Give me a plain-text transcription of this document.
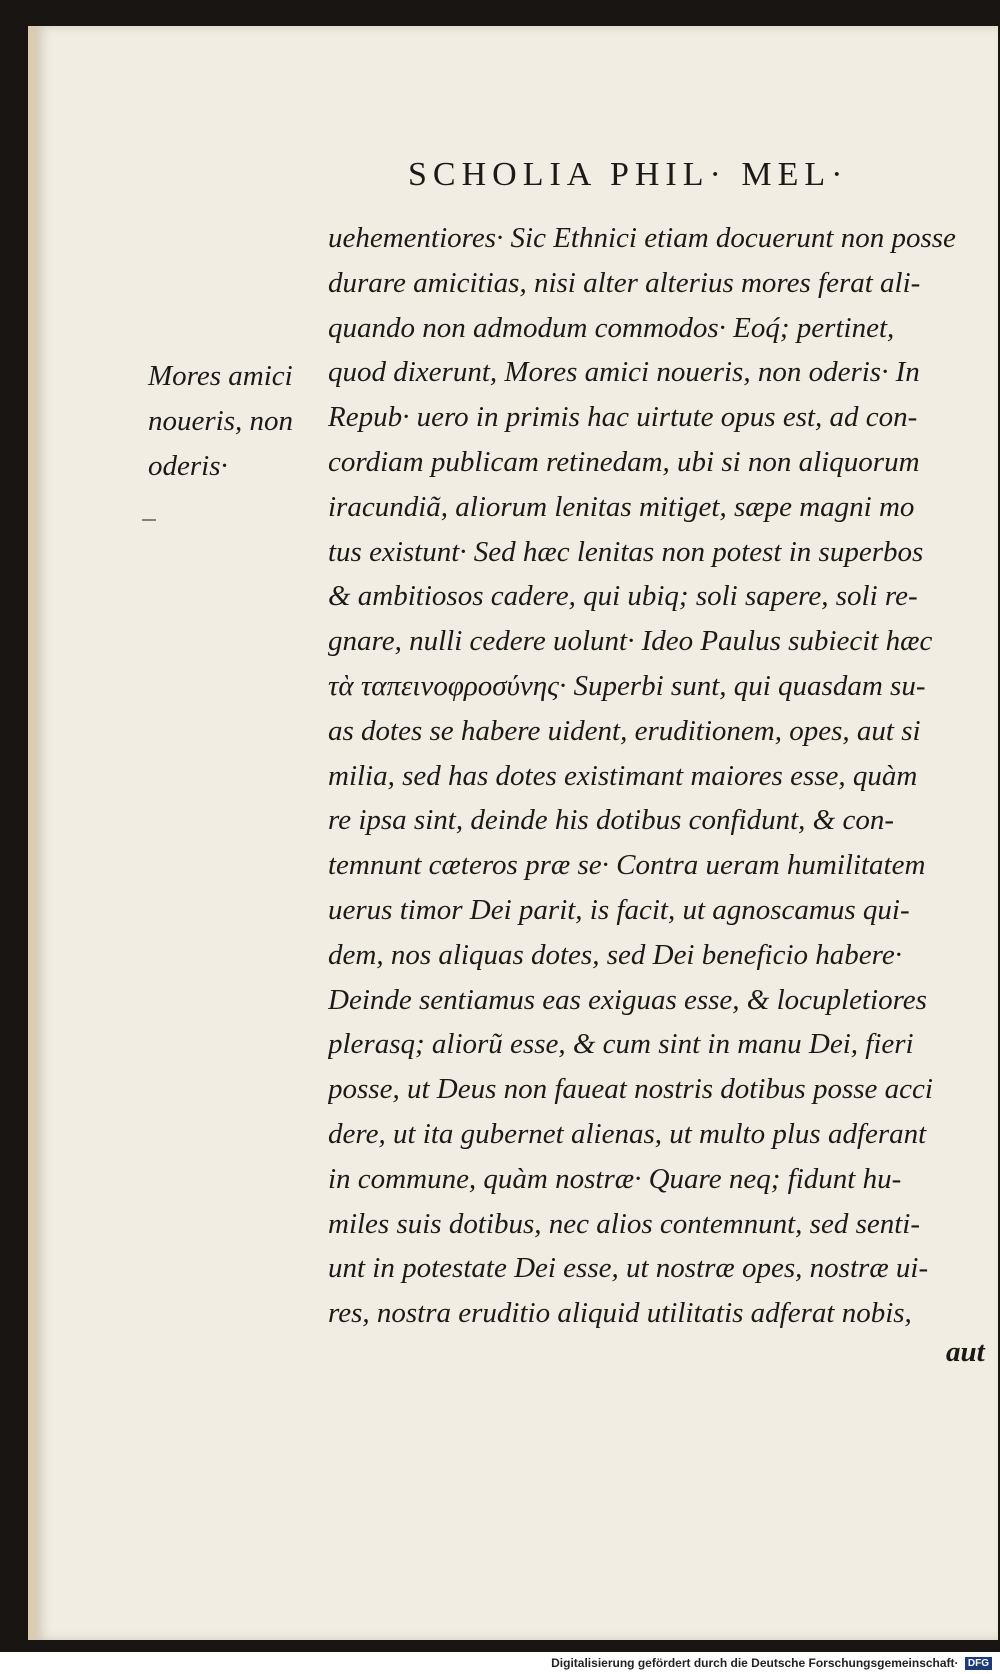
SCHOLIA PHIL· MEL·
uehementiores· Sic Ethnici etiam docuerunt non posse
durare amicitias, nisi alter alterius mores ferat ali-
quando non admodum commodos· Eoq́; pertinet,
quod dixerunt, Mores amici noueris, non oderis· In
Repub· uero in primis hac uirtute opus est, ad con-
cordiam publicam retinedam, ubi si non aliquorum
iracundiã, aliorum lenitas mitiget, sæpe magni mo
tus existunt· Sed hæc lenitas non potest in superbos
& ambitiosos cadere, qui ubiq; soli sapere, soli re-
gnare, nulli cedere uolunt· Ideo Paulus subiecit hæc
τὰ ταπεινοφροσύνης· Superbi sunt, qui quasdam su-
as dotes se habere uident, eruditionem, opes, aut si
milia, sed has dotes existimant maiores esse, quàm
re ipsa sint, deinde his dotibus confidunt, & con-
temnunt cæteros præ se· Contra ueram humilitatem
uerus timor Dei parit, is facit, ut agnoscamus qui-
dem, nos aliquas dotes, sed Dei beneficio habere·
Deinde sentiamus eas exiguas esse, & locupletiores
plerasq; aliorũ esse, & cum sint in manu Dei, fieri
posse, ut Deus non faueat nostris dotibus posse acci
dere, ut ita gubernet alienas, ut multo plus adferant
in commune, quàm nostræ· Quare neq; fidunt hu-
miles suis dotibus, nec alios contemnunt, sed senti-
unt in potestate Dei esse, ut nostræ opes, nostræ ui-
res, nostra eruditio aliquid utilitatis adferat nobis,
aut
Mores amici
noueris, non
oderis·
Digitalisierung gefördert durch die Deutsche Forschungsgemeinschaft· DFG
